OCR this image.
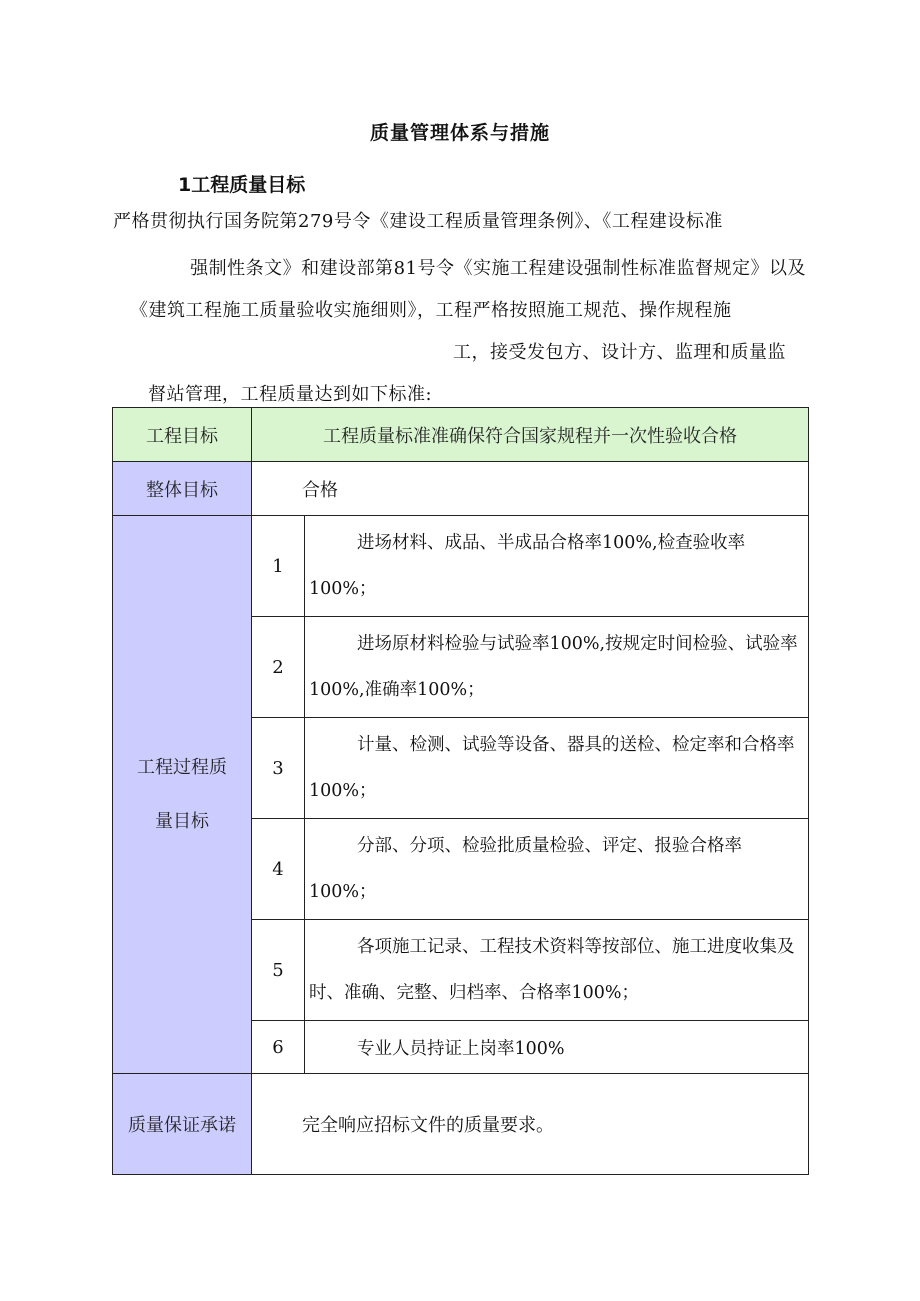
质量管理体系与措施
1工程质量目标
严格贯彻执行国务院第279号令《建设工程质量管理条例》、《工程建设标准
强制性条文》和建设部第81号令《实施工程建设强制性标准监督规定》以及
《建筑工程施工质量验收实施细则》，工程严格按照施工规范、操作规程施
工，接受发包方、设计方、监理和质量监
督站管理，工程质量达到如下标准:
工程目标	工程质量标准准确保符合国家规程并一次性验收合格	
整体目标	合格	

工程过程质
量目标	1	进场材料、成品、半成品合格率100%,检查验收率100%；
	2	进场原材料检验与试验率100%,按规定时间检验、试验率100%,准确率100%；
	3	计量、检测、试验等设备、器具的送检、检定率和合格率100%；
	4	分部、分项、检验批质量检验、评定、报验合格率100%；
	5	各项施工记录、工程技术资料等按部位、施工进度收集及时、准确、完整、归档率、合格率100%；
	6	专业人员持证上岗率100%
质量保证承诺	完全响应招标文件的质量要求。	
